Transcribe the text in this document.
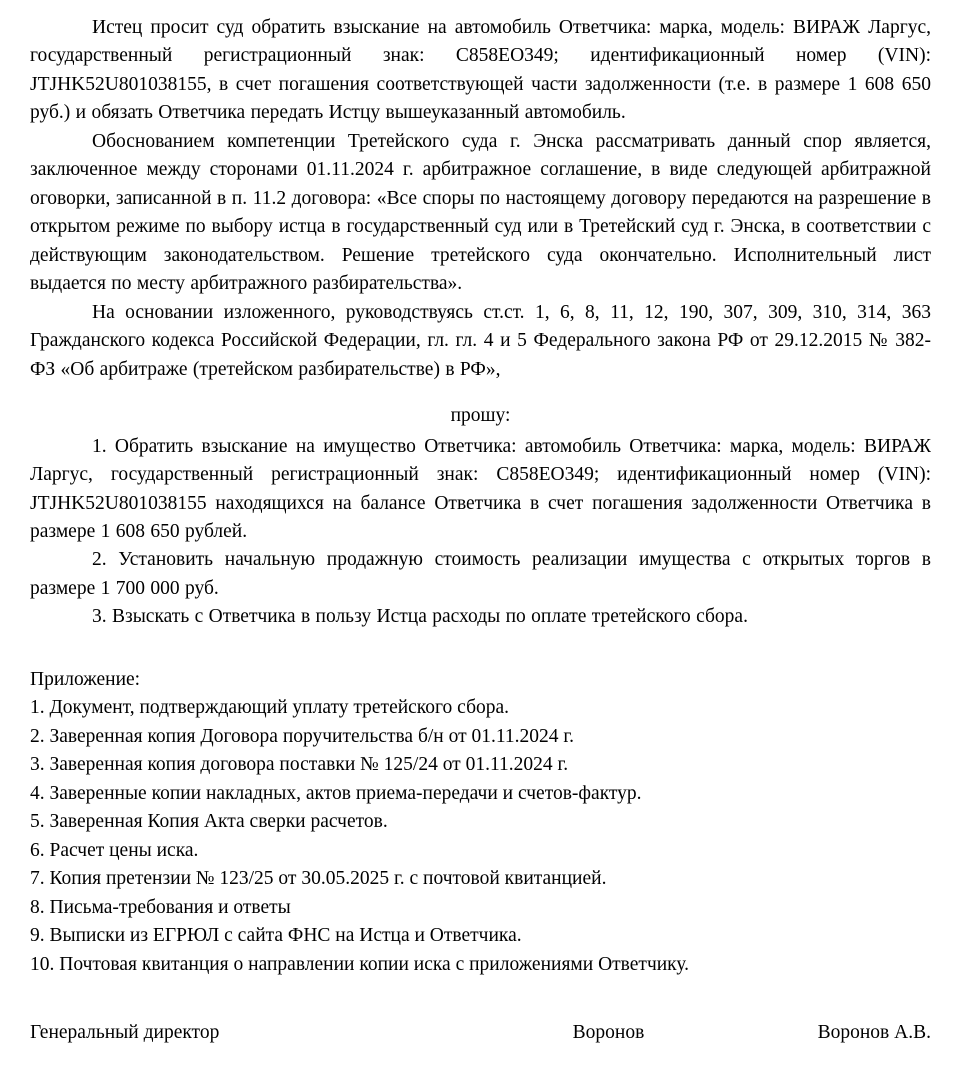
Истец просит суд обратить взыскание на автомобиль Ответчика: марка, модель: ВИРАЖ Ларгус, государственный регистрационный знак: С858ЕО349; идентификационный номер (VIN): JTJHK52U801038155, в счет погашения соответствующей части задолженности (т.е. в размере 1 608 650 руб.) и обязать Ответчика передать Истцу вышеуказанный автомобиль.

Обоснованием компетенции Третейского суда г. Энска рассматривать данный спор является, заключенное между сторонами 01.11.2024 г. арбитражное соглашение, в виде следующей арбитражной оговорки, записанной в п. 11.2 договора: «Все споры по настоящему договору передаются на разрешение в открытом режиме по выбору истца в государственный суд или в Третейский суд г. Энска, в соответствии с действующим законодательством. Решение третейского суда окончательно. Исполнительный лист выдается по месту арбитражного разбирательства».

На основании изложенного, руководствуясь ст.ст. 1, 6, 8, 11, 12, 190, 307, 309, 310, 314, 363 Гражданского кодекса Российской Федерации, гл. гл. 4 и 5 Федерального закона РФ от 29.12.2015 № 382-ФЗ «Об арбитраже (третейском разбирательстве) в РФ»,

прошу:

1. Обратить взыскание на имущество Ответчика: автомобиль Ответчика: марка, модель: ВИРАЖ Ларгус, государственный регистрационный знак: С858ЕО349; идентификационный номер (VIN): JTJHK52U801038155 находящихся на балансе Ответчика в счет погашения задолженности Ответчика в размере 1 608 650 рублей.

2. Установить начальную продажную стоимость реализации имущества с открытых торгов в размере 1 700 000 руб.

3. Взыскать с Ответчика в пользу Истца расходы по оплате третейского сбора.

Приложение:

1. Документ, подтверждающий уплату третейского сбора.
2. Заверенная копия Договора поручительства б/н от 01.11.2024 г.
3. Заверенная копия договора поставки № 125/24 от 01.11.2024 г.
4. Заверенные копии накладных, актов приема-передачи и счетов-фактур.
5. Заверенная Копия Акта сверки расчетов.
6. Расчет цены иска.
7. Копия претензии № 123/25 от 30.05.2025 г. с почтовой квитанцией.
8. Письма-требования и ответы
9. Выписки из ЕГРЮЛ с сайта ФНС на Истца и Ответчика.
10. Почтовая квитанция о направлении копии иска с приложениями Ответчику.
Генеральный директор	Воронов	Воронов А.В.
